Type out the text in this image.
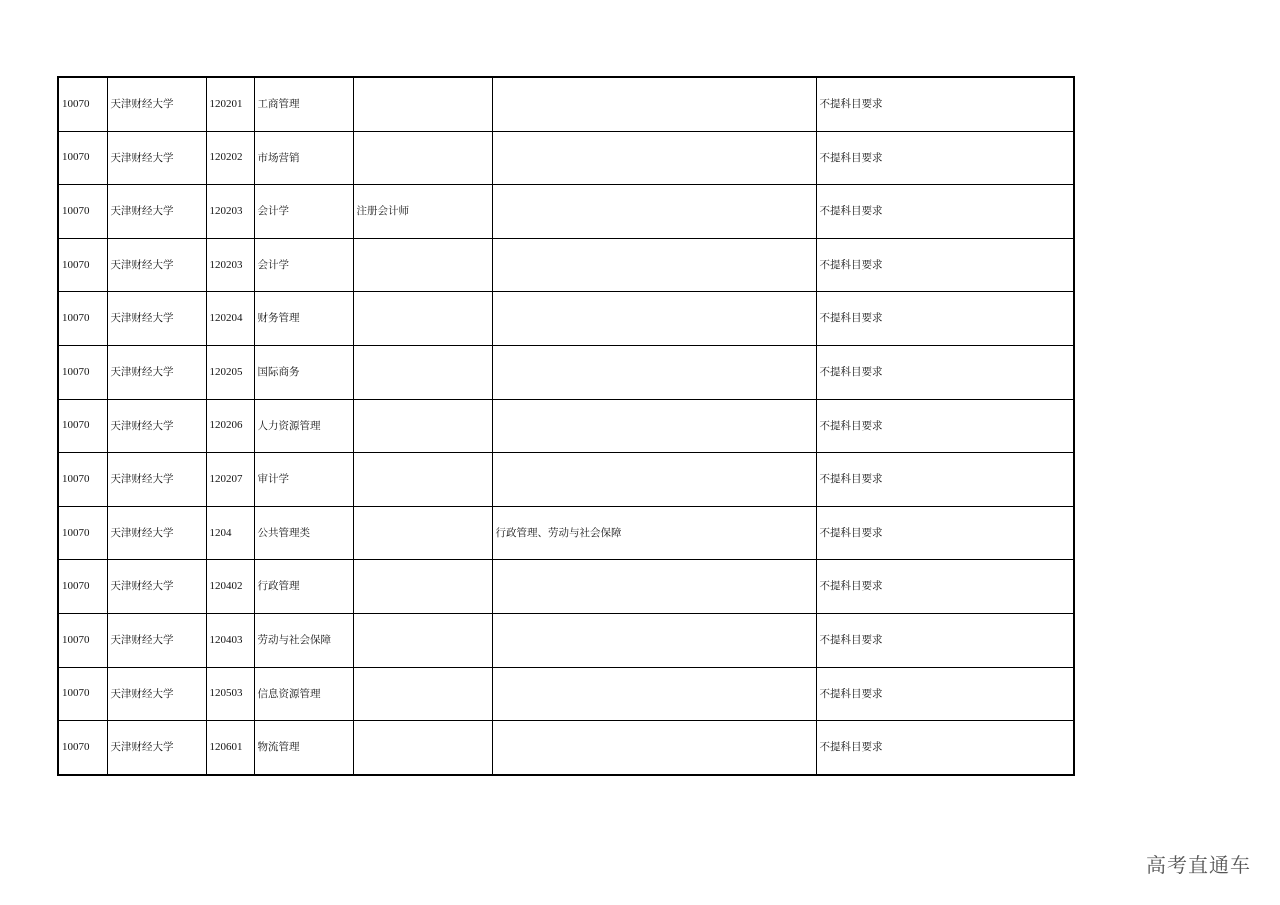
10070	天津财经大学	120201	工商管理			不提科目要求
10070	天津财经大学	120202	市场营销			不提科目要求
10070	天津财经大学	120203	会计学	注册会计师		不提科目要求
10070	天津财经大学	120203	会计学			不提科目要求
10070	天津财经大学	120204	财务管理			不提科目要求
10070	天津财经大学	120205	国际商务			不提科目要求
10070	天津财经大学	120206	人力资源管理			不提科目要求
10070	天津财经大学	120207	审计学			不提科目要求
10070	天津财经大学	1204	公共管理类		行政管理、劳动与社会保障	不提科目要求
10070	天津财经大学	120402	行政管理			不提科目要求
10070	天津财经大学	120403	劳动与社会保障			不提科目要求
10070	天津财经大学	120503	信息资源管理			不提科目要求
10070	天津财经大学	120601	物流管理			不提科目要求
高考直通车
